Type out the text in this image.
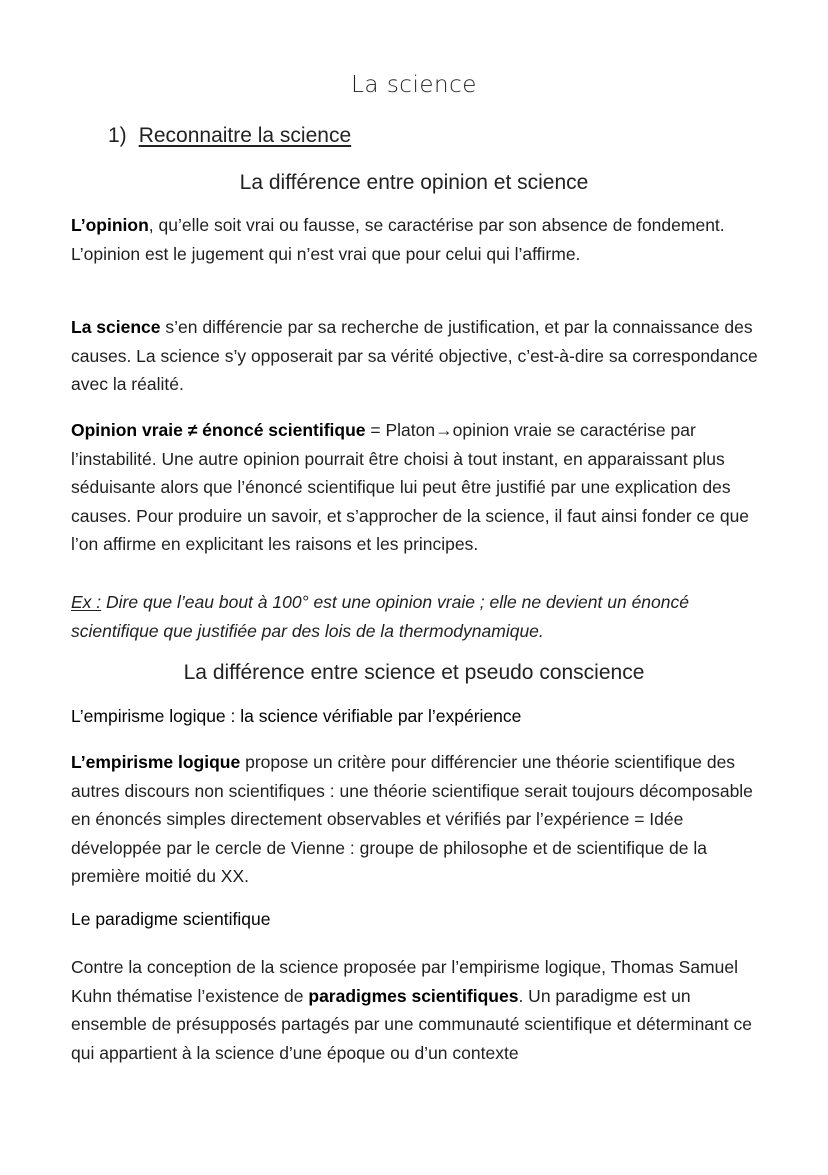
La science
1) Reconnaitre la science
La différence entre opinion et science
L’opinion, qu’elle soit vrai ou fausse, se caractérise par son absence de fondement. L’opinion est le jugement qui n’est vrai que pour celui qui l’affirme.
La science s’en différencie par sa recherche de justification, et par la connaissance des causes. La science s’y opposerait par sa vérité objective, c’est-à-dire sa correspondance avec la réalité.
Opinion vraie ≠ énoncé scientifique = Platon→opinion vraie se caractérise par l’instabilité. Une autre opinion pourrait être choisi à tout instant, en apparaissant plus séduisante alors que l’énoncé scientifique lui peut être justifié par une explication des causes. Pour produire un savoir, et s’approcher de la science, il faut ainsi fonder ce que l’on affirme en explicitant les raisons et les principes.
Ex : Dire que l’eau bout à 100° est une opinion vraie ; elle ne devient un énoncé scientifique que justifiée par des lois de la thermodynamique.
La différence entre science et pseudo conscience
L’empirisme logique : la science vérifiable par l’expérience
L’empirisme logique propose un critère pour différencier une théorie scientifique des autres discours non scientifiques : une théorie scientifique serait toujours décomposable en énoncés simples directement observables et vérifiés par l’expérience = Idée développée par le cercle de Vienne : groupe de philosophe et de scientifique de la première moitié du XX.
Le paradigme scientifique
Contre la conception de la science proposée par l’empirisme logique, Thomas Samuel Kuhn thématise l’existence de paradigmes scientifiques. Un paradigme est un ensemble de présupposés partagés par une communauté scientifique et déterminant ce qui appartient à la science d’une époque ou d’un contexte
